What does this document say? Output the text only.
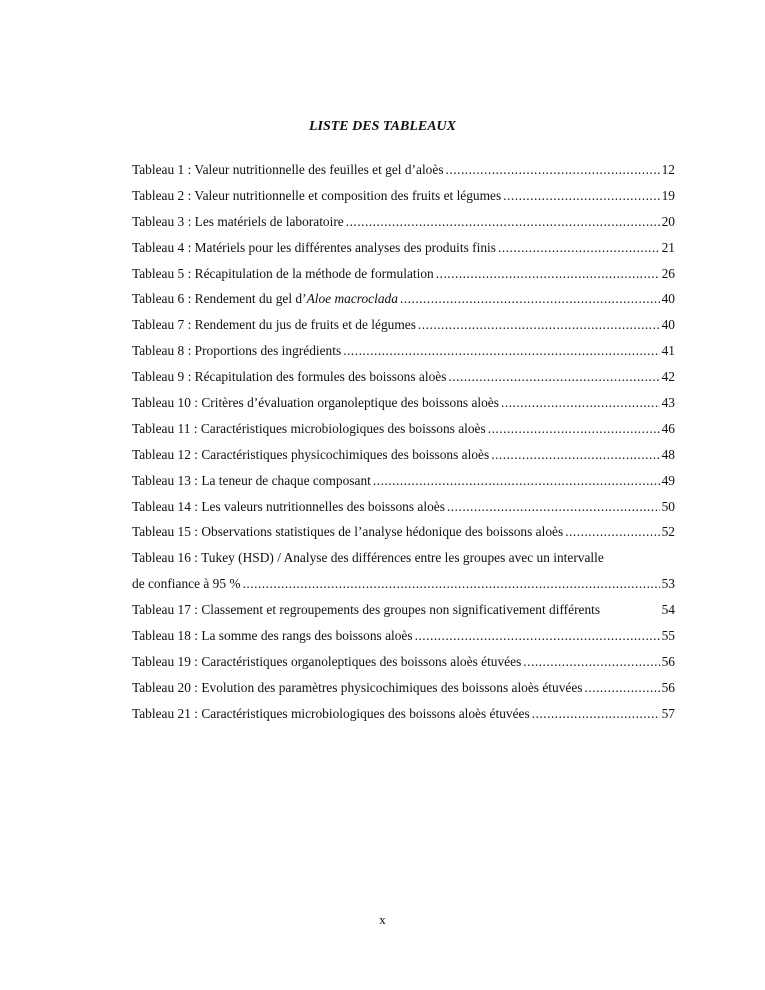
LISTE DES TABLEAUX
Tableau 1 : Valeur nutritionnelle des feuilles et gel d’aloès .....	12
Tableau 2 : Valeur nutritionnelle et composition des fruits et légumes .....	19
Tableau 3 : Les matériels de laboratoire .....	20
Tableau 4 : Matériels pour les différentes analyses des produits finis .....	21
Tableau 5 : Récapitulation de la méthode de formulation .....	26
Tableau 6 : Rendement du gel d’Aloe macroclada .....	40
Tableau 7 : Rendement du jus de fruits et de légumes .....	40
Tableau 8 : Proportions des ingrédients .....	41
Tableau 9 : Récapitulation des formules des boissons aloès .....	42
Tableau 10 : Critères d’évaluation organoleptique des boissons aloès .....	43
Tableau 11 : Caractéristiques microbiologiques des boissons aloès .....	46
Tableau 12 : Caractéristiques physicochimiques des boissons aloès .....	48
Tableau 13 : La teneur de chaque composant .....	49
Tableau 14 : Les valeurs nutritionnelles des boissons aloès .....	50
Tableau 15 : Observations statistiques de l’analyse hédonique des boissons aloès .....	52
Tableau 16 : Tukey (HSD) / Analyse des différences entre les groupes avec un intervalle
de confiance à 95 % .....	53
Tableau 17 : Classement et regroupements des groupes non significativement différents	54
Tableau 18 : La somme des rangs des boissons aloès .....	55
Tableau 19 : Caractéristiques organoleptiques des boissons aloès étuvées .....	56
Tableau 20 : Evolution des paramètres physicochimiques des boissons aloès étuvées .....	56
Tableau 21 : Caractéristiques microbiologiques des boissons aloès étuvées .....	57
x
